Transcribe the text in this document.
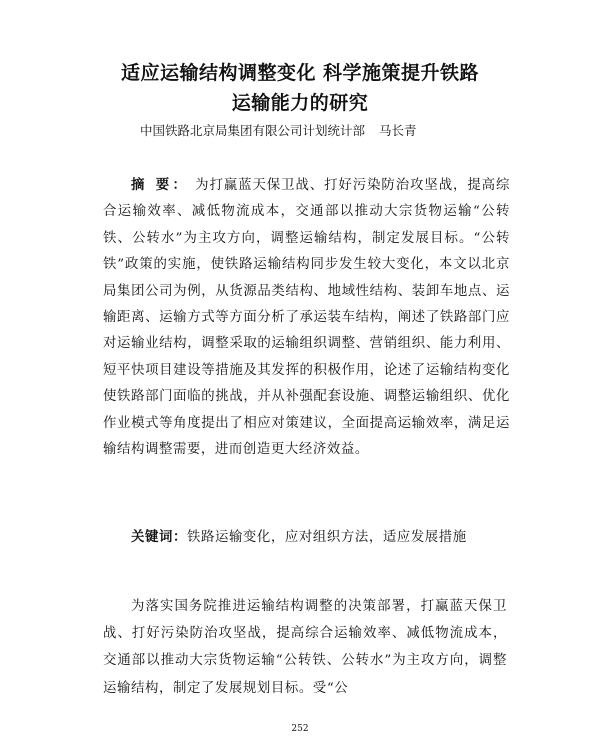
适应运输结构调整变化 科学施策提升铁路
运输能力的研究
中国铁路北京局集团有限公司计划统计部 马长青
摘 要： 为打赢蓝天保卫战、打好污染防治攻坚战，提高综合运输效率、减低物流成本，交通部以推动大宗货物运输“公转铁、公转水”为主攻方向，调整运输结构，制定发展目标。“公转铁”政策的实施，使铁路运输结构同步发生较大变化，本文以北京局集团公司为例，从货源品类结构、地域性结构、装卸车地点、运输距离、运输方式等方面分析了承运装车结构，阐述了铁路部门应对运输业结构，调整采取的运输组织调整、营销组织、能力利用、短平快项目建设等措施及其发挥的积极作用，论述了运输结构变化使铁路部门面临的挑战，并从补强配套设施、调整运输组织、优化作业模式等角度提出了相应对策建议，全面提高运输效率，满足运输结构调整需要，进而创造更大经济效益。
关键词：铁路运输变化，应对组织方法，适应发展措施
为落实国务院推进运输结构调整的决策部署，打赢蓝天保卫战、打好污染防治攻坚战，提高综合运输效率、减低物流成本，交通部以推动大宗货物运输“公转铁、公转水”为主攻方向，调整运输结构，制定了发展规划目标。受“公
252
